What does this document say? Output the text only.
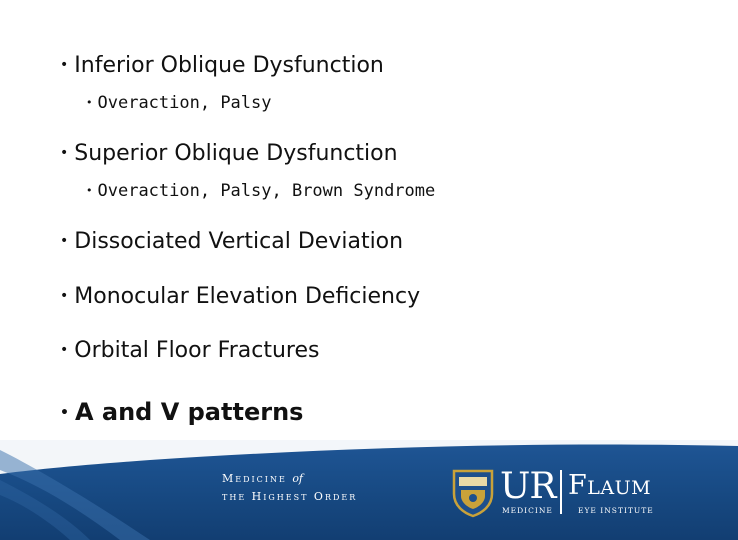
• Inferior Oblique Dysfunction
• Overaction, Palsy
• Superior Oblique Dysfunction
• Overaction, Palsy, Brown Syndrome
• Dissociated Vertical Deviation
• Monocular Elevation Deficiency
• Orbital Floor Fractures
• A and V patterns
Medicine of
the Highest Order	UR
MEDICINE
Flaum
EYE INSTITUTE
